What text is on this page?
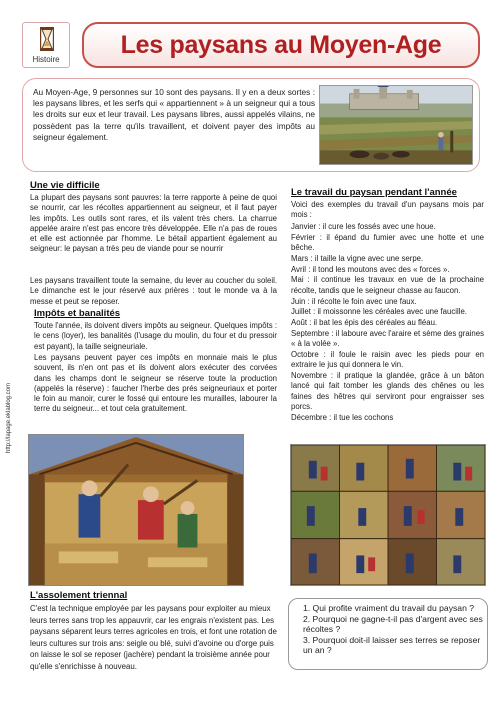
Histoire
Les paysans au Moyen-Age
Au Moyen-Age, 9 personnes sur 10 sont des paysans. Il y en a deux sortes : les paysans libres, et les serfs qui « appartiennent » à un seigneur qui a tous les droits sur eux et leur travail. Les paysans libres, aussi appelés vilains, ne possèdent pas la terre qu'ils travaillent, et doivent payer des impôts au seigneur également.
Une vie difficile
La plupart des paysans sont pauvres: la terre rapporte à peine de quoi se nourrir, car les récoltes appartiennent au seigneur, et il faut payer les impôts. Les outils sont rares, et ils valent très chers. La charrue appelée araire n'est pas encore très développée. Elle n'a pas de roues et elle est actionnée par l'homme. Le bétail appartient également au seigneur: le paysan a très peu de viande pour se nourrir
Les paysans travaillent toute la semaine, du lever au coucher du soleil. Le dimanche est le jour réservé aux prières : tout le monde va à la messe et peut se reposer.
Impôts et banalités
Toute l'année, ils doivent divers impôts au seigneur. Quelques impôts : le cens (loyer), les banalités (l'usage du moulin, du four et du pressoir est payant), la taille seigneuriale.
Les paysans peuvent payer ces impôts en monnaie mais le plus souvent, ils n'en ont pas et ils doivent alors exécuter des corvées dans les champs dont le seigneur se réserve toute la production (appelés la réserve) : faucher l'herbe des prés seigneuriaux et porter le foin au manoir, curer le fossé qui entoure les murailles, labourer la terre du seigneur... et tout cela gratuitement.
http://lapage.eklablog.com
L'assolement triennal
C'est la technique employée par les paysans pour exploiter au mieux leurs terres sans trop les appauvrir, car les engrais n'existent pas. Les paysans séparent leurs terres agricoles en trois, et font une rotation de leurs cultures sur trois ans: seigle ou blé, suivi d'avoine ou d'orge puis on laisse le sol se reposer (jachère) pendant la troisième année pour qu'elle s'enrichisse à nouveau.
Le travail du paysan pendant l'année
Voici des exemples du travail d'un paysans mois par mois :
Janvier : il cure les fossés avec une houe.
Février : il épand du fumier avec une hotte et une bêche.
Mars : il taille la vigne avec une serpe.
Avril : il tond les moutons avec des « forces ».
Mai : il continue les travaux en vue de la prochaine récolte, tandis que le seigneur chasse au faucon.
Juin : il récolte le foin avec une faux.
Juillet : il moissonne les céréales avec une faucille.
Août : il bat les épis des céréales au fléau.
Septembre : il laboure avec l'araire et sème des graines « à la volée ».
Octobre : il foule le raisin avec les pieds pour en extraire le jus qui donnera le vin.
Novembre : il pratique la glandée, grâce à un bâton lancé qui fait tomber les glands des chênes ou les faines des hêtres qui serviront pour engraisser ses porcs.
Décembre : il tue les cochons
1. Qui profite vraiment du travail du paysan ?
2. Pourquoi ne gagne-t-il pas d'argent avec ses récoltes ?
3. Pourquoi doit-il laisser ses terres se reposer un an ?
